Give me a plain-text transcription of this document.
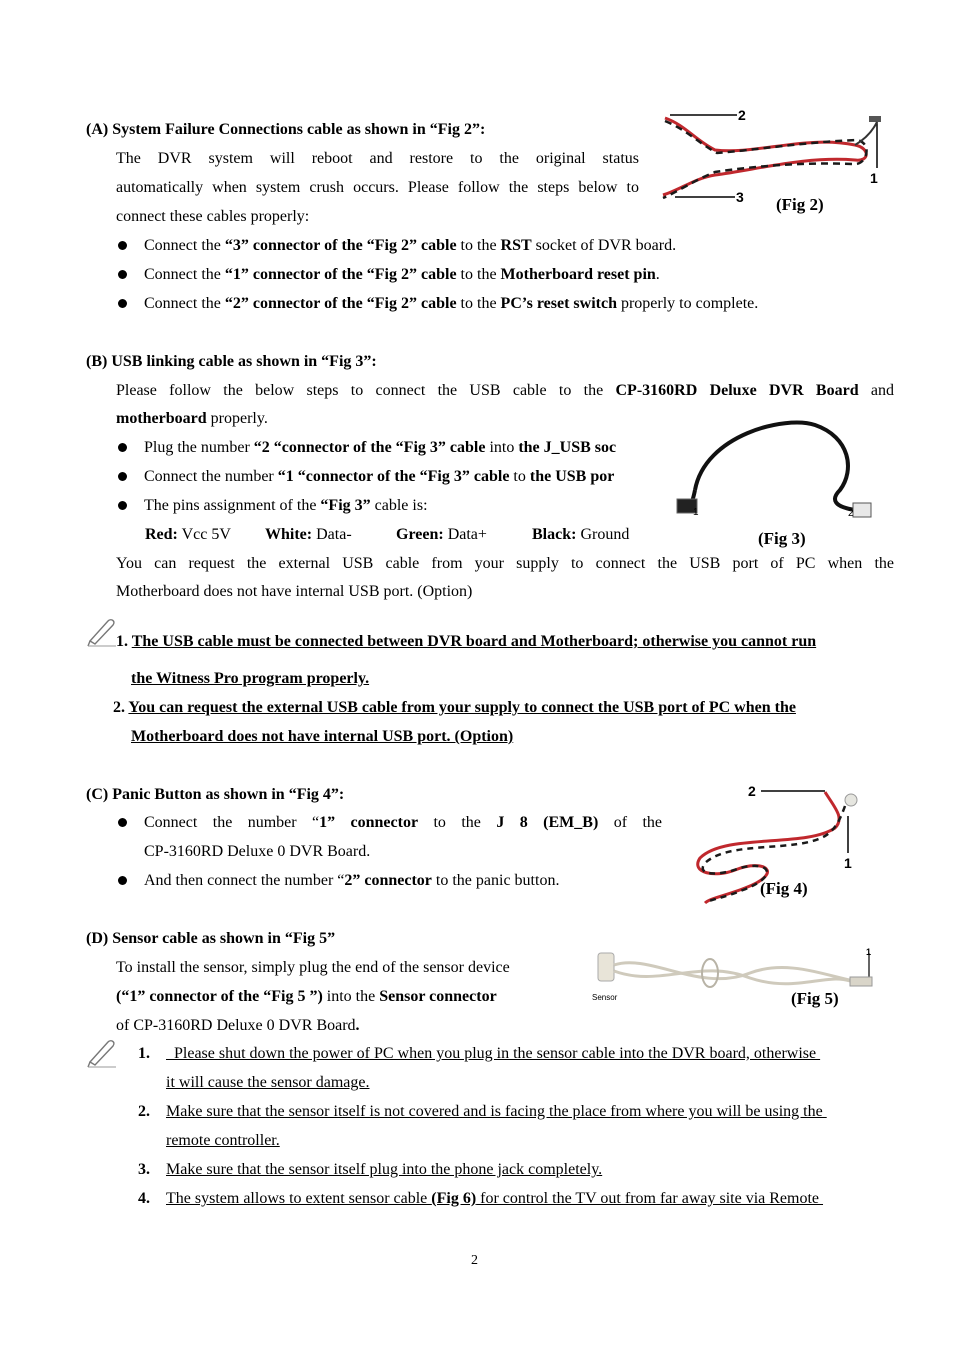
(A) System Failure Connections cable as shown in “Fig 2”:
The DVR system will reboot and restore to the original status
automatically when system crush occurs. Please follow the steps below to
connect these cables properly:
Connect the “3” connector of the “Fig 2” cable to the RST socket of DVR board.
Connect the “1” connector of the “Fig 2” cable to the Motherboard reset pin.
Connect the “2” connector of the “Fig 2” cable to the PC’s reset switch properly to complete.
2
1
3 (Fig 2)
(B) USB linking cable as shown in “Fig 3”:
Please follow the below steps to connect the USB cable to the CP-3160RD Deluxe DVR Board and
motherboard properly.
Plug the number “2 “connector of the “Fig 3” cable into the J_USB soc
Connect the number “1 “connector of the “Fig 3” cable to the USB por
The pins assignment of the “Fig 3” cable is:
Red: Vcc 5V White: Data-	Green: Data+	Black: Ground
1	2
(Fig 3)
You can request the external USB cable from your supply to connect the USB port of PC when the
Motherboard does not have internal USB port. (Option)
1. The USB cable must be connected between DVR board and Motherboard; otherwise you cannot run
the Witness Pro program properly.
2. You can request the external USB cable from your supply to connect the USB port of PC when the
Motherboard does not have internal USB port. (Option)
(C) Panic Button as shown in “Fig 4”:
Connect the number “1” connector to the J 8 (EM_B) of the
CP-3160RD Deluxe 0 DVR Board.
And then connect the number “2” connector to the panic button.
2
1
(Fig 4)
(D) Sensor cable as shown in “Fig 5”
To install the sensor, simply plug the end of the sensor device
(“1” connector of the “Fig 5 ”) into the Sensor connector
of CP-3160RD Deluxe 0 DVR Board.
1
Sensor	(Fig 5)
1. Please shut down the power of PC when you plug in the sensor cable into the DVR board, otherwise
it will cause the sensor damage.
2. Make sure that the sensor itself is not covered and is facing the place from where you will be using the
remote controller.
3. Make sure that the sensor itself plug into the phone jack completely.
4. The system allows to extent sensor cable (Fig 6) for control the TV out from far away site via Remote
2
